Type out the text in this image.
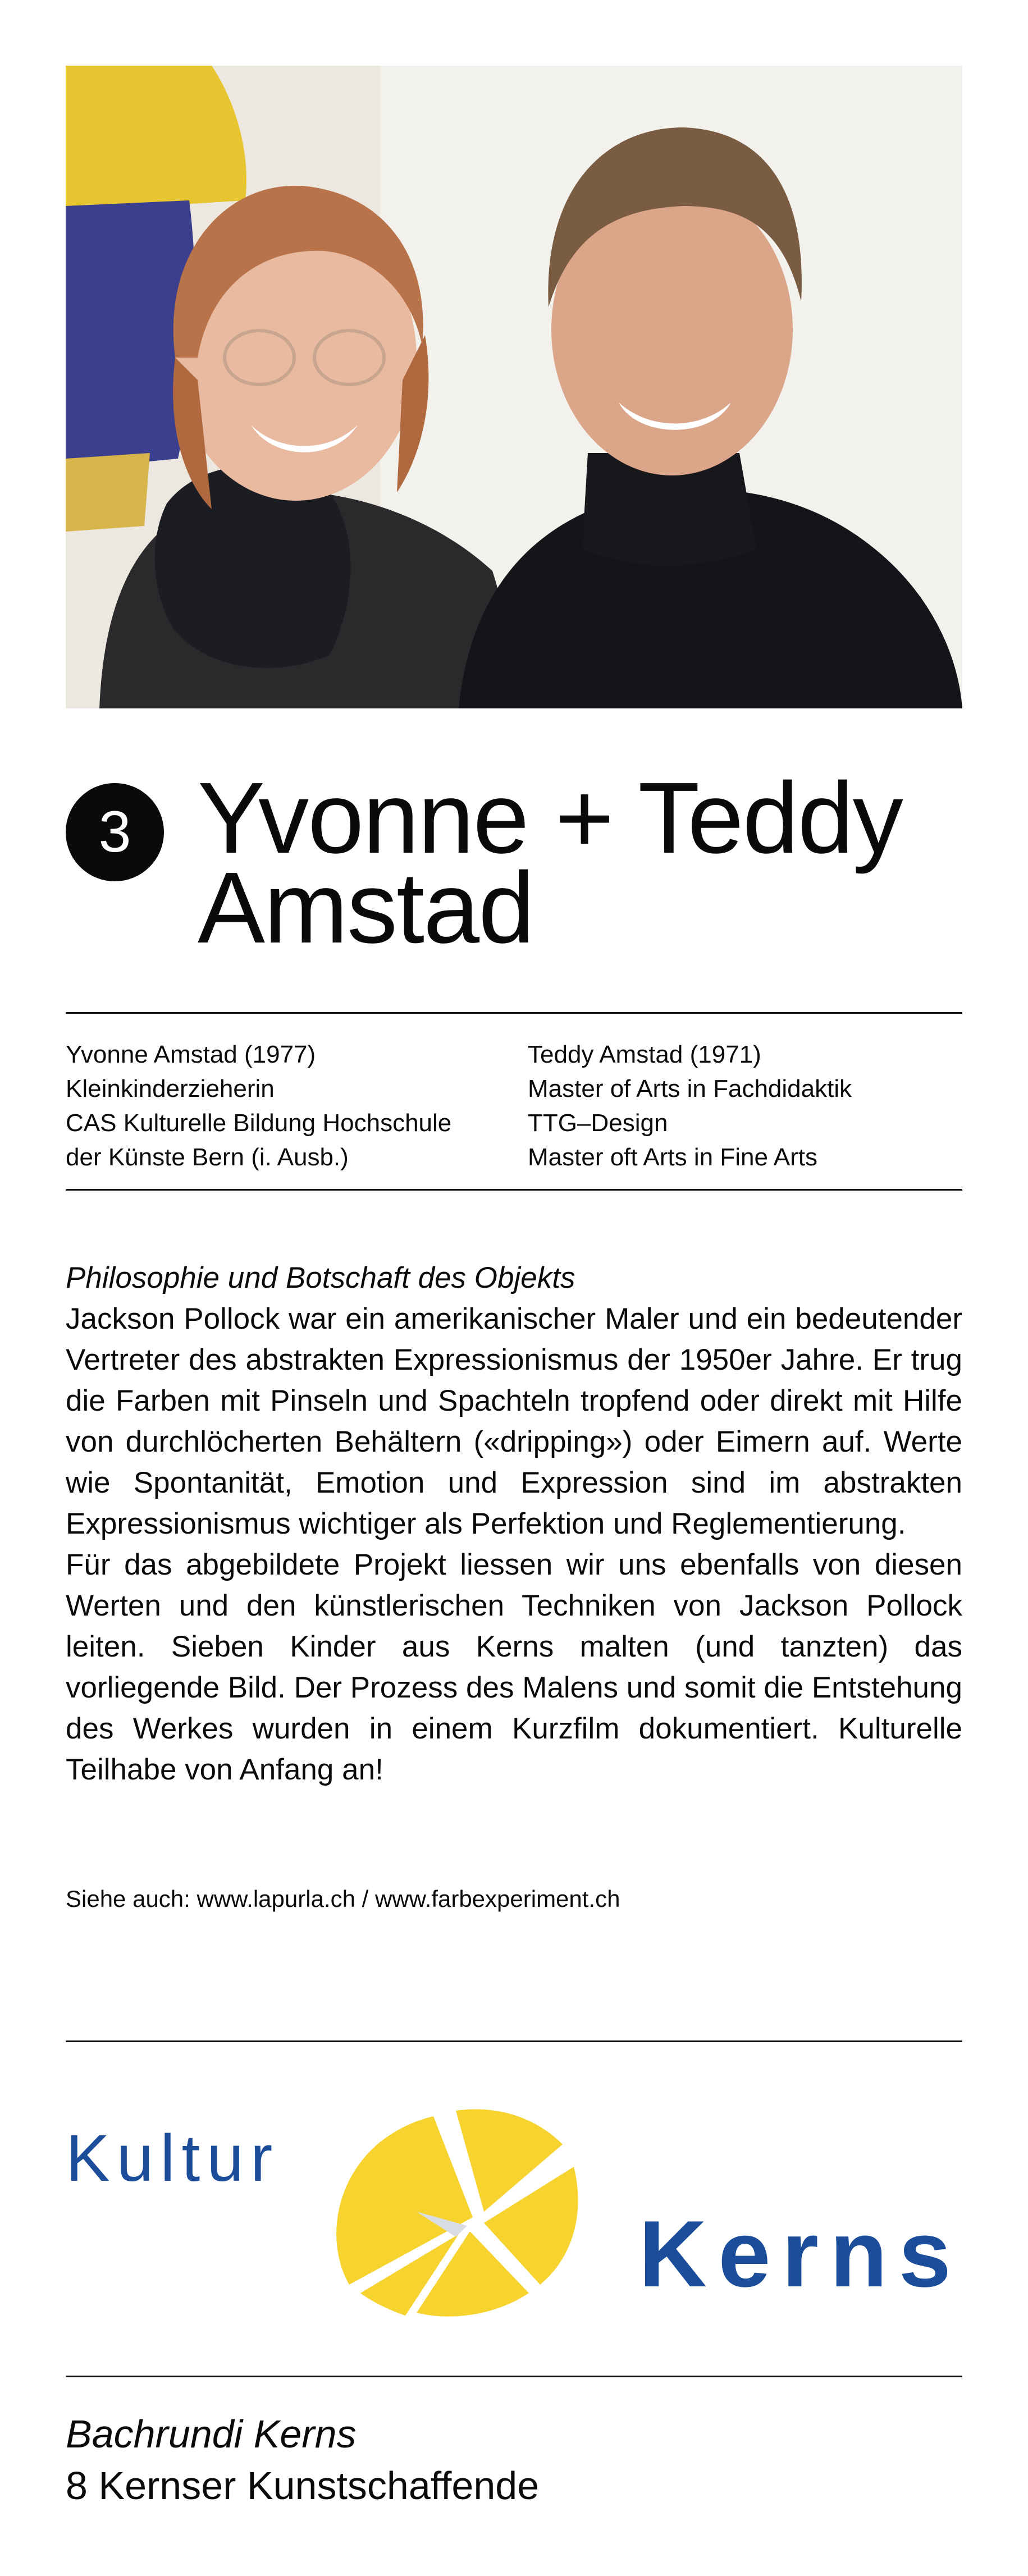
3 Yvonne + Teddy
Amstad
Yvonne Amstad (1977)
Kleinkinderzieherin
CAS Kulturelle Bildung Hochschule
der Künste Bern (i. Ausb.)
Teddy Amstad (1971)
Master of Arts in Fachdidaktik
TTG–Design
Master oft Arts in Fine Arts

Philosophie und Botschaft des Objekts

Jackson Pollock war ein amerikanischer Maler und ein bedeutender Vertreter des abstrakten Expressionismus der 1950er Jahre. Er trug die Farben mit Pinseln und Spachteln tropfend oder direkt mit Hilfe von durchlöcherten Behältern («dripping») oder Eimern auf. Werte wie Spontanität, Emotion und Expression sind im abstrakten Expressionismus wichtiger als Perfektion und Reglementierung.

Für das abgebildete Projekt liessen wir uns ebenfalls von diesen Werten und den künstlerischen Techniken von Jackson Pollock leiten. Sieben Kinder aus Kerns malten (und tanzten) das vorliegende Bild. Der Prozess des Malens und somit die Entstehung des Werkes wurden in einem Kurzfilm dokumentiert. Kulturelle Teilhabe von Anfang an!

Siehe auch: www.lapurla.ch / www.farbexperiment.ch
Kultur
Kerns
Bachrundi Kerns
8 Kernser Kunstschaffende
